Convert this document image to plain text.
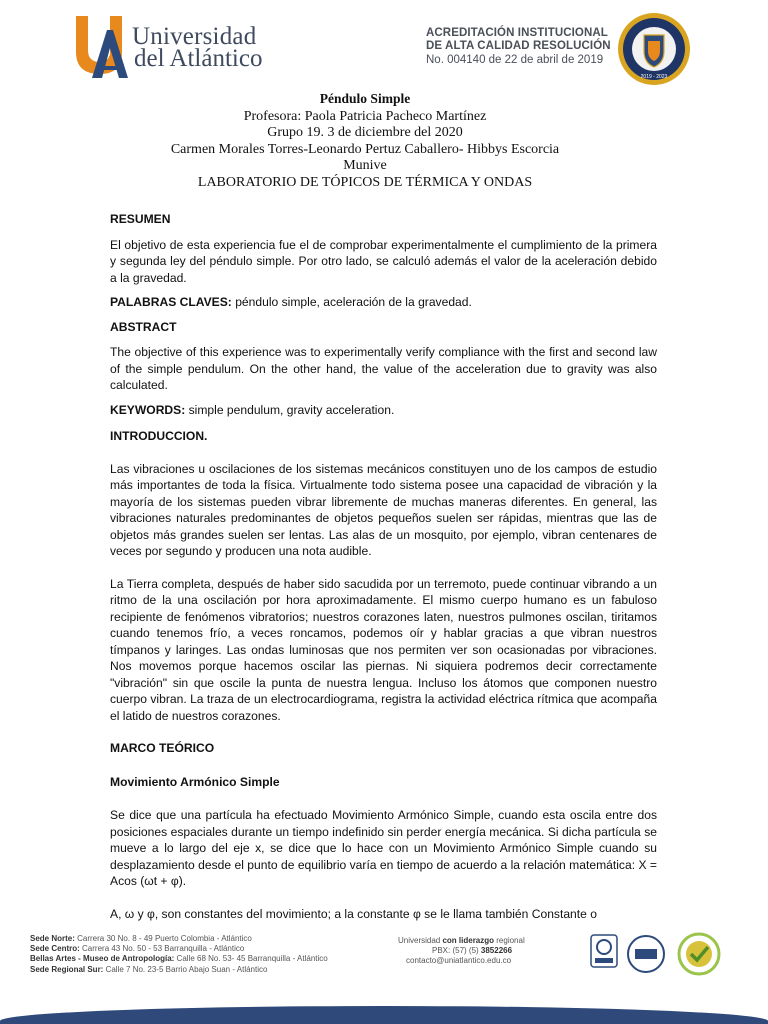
Universidad
del Atlántico
ACREDITACIÓN INSTITUCIONAL
DE ALTA CALIDAD RESOLUCIÓN
No. 004140 de 22 de abril de 2019
2019 - 2023
Péndulo Simple
Profesora: Paola Patricia Pacheco Martínez
Grupo 19. 3 de diciembre del 2020
Carmen Morales Torres-Leonardo Pertuz Caballero- Hibbys Escorcia
Munive
LABORATORIO DE TÓPICOS DE TÉRMICA Y ONDAS

RESUMEN

El objetivo de esta experiencia fue el de comprobar experimentalmente el cumplimiento de la primera y segunda ley del péndulo simple. Por otro lado, se calculó además el valor de la aceleración debido a la gravedad.

PALABRAS CLAVES: péndulo simple, aceleración de la gravedad.

ABSTRACT

The objective of this experience was to experimentally verify compliance with the first and second law of the simple pendulum. On the other hand, the value of the acceleration due to gravity was also calculated.

KEYWORDS: simple pendulum, gravity acceleration.

INTRODUCCION.

Las vibraciones u oscilaciones de los sistemas mecánicos constituyen uno de los campos de estudio más importantes de toda la física. Virtualmente todo sistema posee una capacidad de vibración y la mayoría de los sistemas pueden vibrar libremente de muchas maneras diferentes. En general, las vibraciones naturales predominantes de objetos pequeños suelen ser rápidas, mientras que las de objetos más grandes suelen ser lentas. Las alas de un mosquito, por ejemplo, vibran centenares de veces por segundo y producen una nota audible.

La Tierra completa, después de haber sido sacudida por un terremoto, puede continuar vibrando a un ritmo de la una oscilación por hora aproximadamente. El mismo cuerpo humano es un fabuloso recipiente de fenómenos vibratorios; nuestros corazones laten, nuestros pulmones oscilan, tiritamos cuando tenemos frío, a veces roncamos, podemos oír y hablar gracias a que vibran nuestros tímpanos y laringes. Las ondas luminosas que nos permiten ver son ocasionadas por vibraciones. Nos movemos porque hacemos oscilar las piernas. Ni siquiera podremos decir correctamente "vibración" sin que oscile la punta de nuestra lengua. Incluso los átomos que componen nuestro cuerpo vibran. La traza de un electrocardiograma, registra la actividad eléctrica rítmica que acompaña el latido de nuestros corazones.

MARCO TEÓRICO

Movimiento Armónico Simple

Se dice que una partícula ha efectuado Movimiento Armónico Simple, cuando esta oscila entre dos posiciones espaciales durante un tiempo indefinido sin perder energía mecánica. Si dicha partícula se mueve a lo largo del eje x, se dice que lo hace con un Movimiento Armónico Simple cuando su desplazamiento desde el punto de equilibrio varía en tiempo de acuerdo a la relación matemática: X = Acos (ωt + φ).

A, ω y φ, son constantes del movimiento; a la constante φ se le llama también Constante o

Sede Norte: Carrera 30 No. 8 - 49 Puerto Colombia - Atlántico
Sede Centro: Carrera 43 No. 50 - 53 Barranquilla - Atlántico
Bellas Artes - Museo de Antropología: Calle 68 No. 53- 45 Barranquilla - Atlántico
Sede Regional Sur: Calle 7 No. 23-5 Barrio Abajo Suan - Atlántico
Universidad con liderazgo regional
PBX: (57) (5) 3852266
contacto@uniatlantico.edu.co
